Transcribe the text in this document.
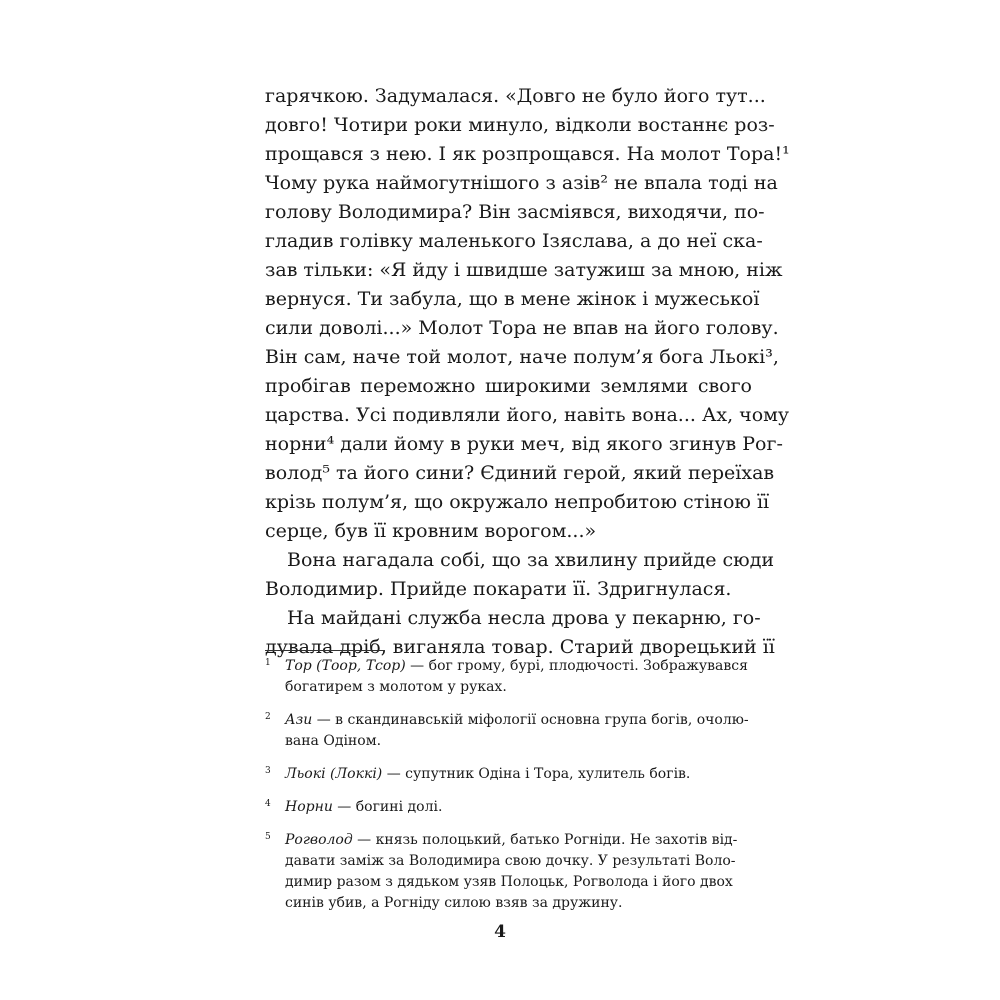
гарячкою. Задумалася. «Довго не було його тут...
довго! Чотири роки минуло, відколи востаннє роз-
прощався з нею. І як розпрощався. На молот Тора!¹
Чому рука наймогутнішого з азів² не впала тоді на
голову Володимира? Він засміявся, виходячи, по-
гладив голівку маленького Ізяслава, а до неї ска-
зав тільки: «Я йду і швидше затужиш за мною, ніж
вернуся. Ти забула, що в мене жінок і мужеської
сили доволі...» Молот Тора не впав на його голову.
Він сам, наче той молот, наче полум’я бога Льокі³,
пробігав переможно широкими землями свого
царства. Усі подивляли його, навіть вона... Ах, чому
норни⁴ дали йому в руки меч, від якого згинув Рог-
волод⁵ та його сини? Єдиний герой, який переїхав
крізь полум’я, що окружало непробитою стіною її
серце, був її кровним ворогом...»
Вона нагадала собі, що за хвилину прийде сюди
Володимир. Прийде покарати її. Здригнулася.
На майдані служба несла дрова у пекарню, го-
дувала дріб, виганяла товар. Старий дворецький її
1 Тор (Тоор, Тсор) — бог грому, бурі, плодючості. Зображувався
богатирем з молотом у руках.
2 Ази — в скандинавській міфології основна група богів, очолю-
вана Одіном.
3 Льокі (Локкі) — супутник Одіна і Тора, хулитель богів.
4 Норни — богині долі.
5 Рогволод — князь полоцький, батько Рогніди. Не захотів від-
давати заміж за Володимира свою дочку. У результаті Воло-
димир разом з дядьком узяв Полоцьк, Рогволода і його двох
синів убив, а Рогніду силою взяв за дружину.
4
